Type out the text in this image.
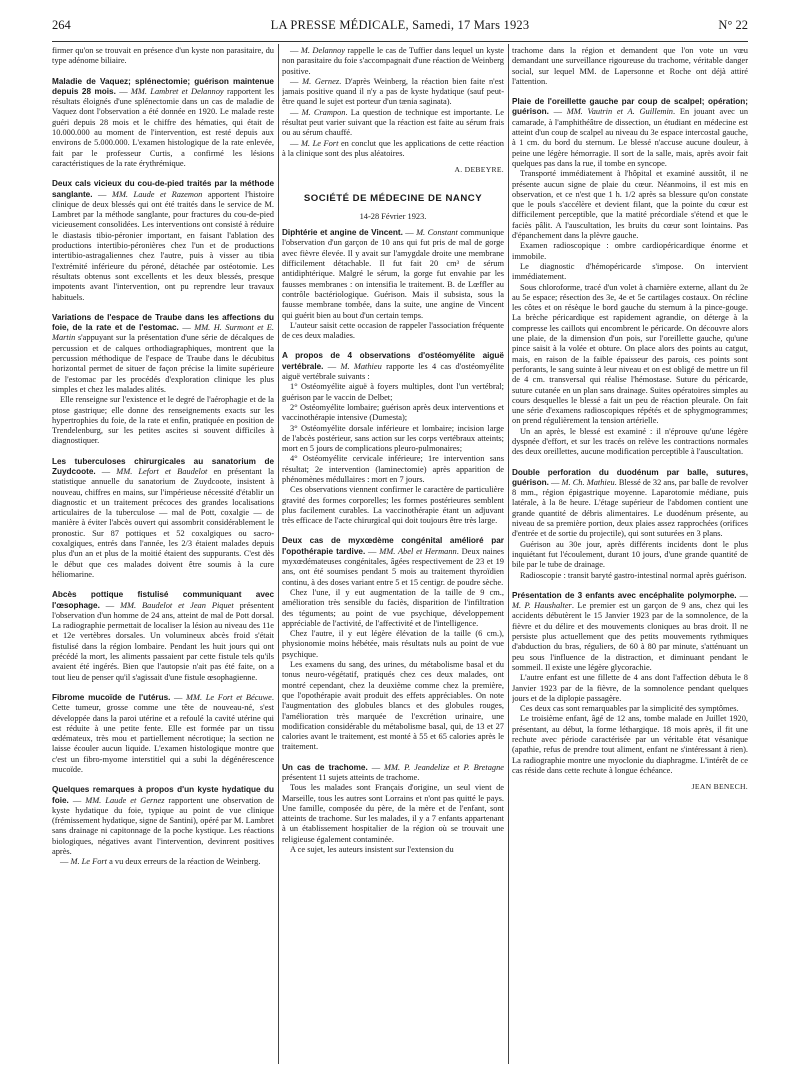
264	LA PRESSE MÉDICALE, Samedi, 17 Mars 1923	N° 22

firmer qu'on se trouvait en présence d'un kyste non parasitaire, du type adénome biliaire.

Maladie de Vaquez; splénectomie; guérison maintenue depuis 28 mois. — MM. Lambret et Delannoy rapportent les résultats éloignés d'une splénectomie dans un cas de maladie de Vaquez dont l'observation a été donnée en 1920. Le malade reste guéri depuis 28 mois et le chiffre des hématies, qui était de 10.000.000 au moment de l'intervention, est resté depuis aux environs de 5.000.000. L'examen histologique de la rate enlevée, fait par le professeur Curtis, a confirmé les lésions caractéristiques de la rate érythrémique.

Deux cals vicieux du cou-de-pied traités par la méthode sanglante. — MM. Laude et Razemon apportent l'histoire clinique de deux blessés qui ont été traités dans le service de M. Lambret par la méthode sanglante, pour fractures du cou-de-pied vicieusement consolidées. Les interventions ont consisté à réduire le diastasis tibio-péronier important, en faisant l'ablation des productions intertibio-péronières chez l'un et de productions intertibio-astragaliennes chez l'autre, puis à visser au tibia l'extrémité inférieure du péroné, détachée par ostéotomie. Les résultats obtenus sont excellents et les deux blessés, presque impotents avant l'intervention, ont pu reprendre leur travaux habituels.

Variations de l'espace de Traube dans les affections du foie, de la rate et de l'estomac. — MM. H. Surmont et E. Martin s'appuyant sur la présentation d'une série de décalques de percussion et de calques orthodiagraphiques, montrent que la percussion méthodique de l'espace de Traube dans le décubitus horizontal permet de situer de façon précise la limite supérieure de l'estomac par les procédés d'exploration clinique les plus simples et chez les malades alités.

Elle renseigne sur l'existence et le degré de l'aérophagie et de la ptose gastrique; elle donne des renseignements exacts sur les hypertrophies du foie, de la rate et enfin, pratiquée en position de Trendelenburg, sur les petites ascites si souvent difficiles à diagnostiquer.

Les tuberculoses chirurgicales au sanatorium de Zuydcoote. — MM. Lefort et Baudelot en présentant la statistique annuelle du sanatorium de Zuydcoote, insistent à nouveau, chiffres en mains, sur l'impérieuse nécessité d'établir un diagnostic et un traitement précoces des grandes localisations articulaires de la tuberculose — mal de Pott, coxalgie — de manière à éviter l'abcès ouvert qui assombrit considérablement le pronostic. Sur 87 pottiques et 52 coxalgiques ou sacro-coxalgiques, entrés dans l'année, les 2/3 étaient malades depuis plus d'un an et plus de la moitié étaient des suppurants. C'est dès le début que ces malades doivent être soumis à la cure héliomarine.

Abcès pottique fistulisé communiquant avec l'œsophage. — MM. Baudelot et Jean Piquet présentent l'observation d'un homme de 24 ans, atteint de mal de Pott dorsal. La radiographie permettait de localiser la lésion au niveau des 11e et 12e vertèbres dorsales. Un volumineux abcès froid s'était fistulisé dans la région lombaire. Pendant les huit jours qui ont précédé la mort, les aliments passaient par cette fistule tels qu'ils avaient été ingérés. Bien que l'autopsie n'ait pas été faite, on a tout lieu de penser qu'il s'agissait d'une fistule œsophagienne.

Fibrome mucoïde de l'utérus. — MM. Le Fort et Bécuwe. Cette tumeur, grosse comme une tête de nouveau-né, s'est développée dans la paroi utérine et a refoulé la cavité utérine qui est réduite à une petite fente. Elle est formée par un tissu œdémateux, très mou et partiellement nécrotique; la section ne laisse écouler aucun liquide. L'examen histologique montre que c'est un fibro-myome interstitiel qui a subi la dégénérescence mucoïde.

Quelques remarques à propos d'un kyste hydatique du foie. — MM. Laude et Gernez rapportent une observation de kyste hydatique du foie, typique au point de vue clinique (frémissement hydatique, signe de Santini), opéré par M. Lambret sans drainage ni capitonnage de la poche kystique. Les réactions biologiques, négatives avant l'intervention, devinrent positives après.

— M. Le Fort a vu deux erreurs de la réaction de Weinberg.

— M. Delannoy rappelle le cas de Tuffier dans lequel un kyste non parasitaire du foie s'accompagnait d'une réaction de Weinberg positive.

— M. Gernez. D'après Weinberg, la réaction bien faite n'est jamais positive quand il n'y a pas de kyste hydatique (sauf peut-être quand le sujet est porteur d'un tænia saginata).

— M. Crampon. La question de technique est importante. Le résultat peut varier suivant que la réaction est faite au sérum frais ou au sérum chauffé.

— M. Le Fort en conclut que les applications de cette réaction à la clinique sont des plus aléatoires.

A. DEBEYRE.

SOCIÉTÉ DE MÉDECINE DE NANCY

14-28 Février 1923.

Diphtérie et angine de Vincent. — M. Constant communique l'observation d'un garçon de 10 ans qui fut pris de mal de gorge avec fièvre élevée. Il y avait sur l'amygdale droite une membrane difficilement détachable. Il fut fait 20 cm³ de sérum antidiphtérique. Malgré le sérum, la gorge fut envahie par les fausses membranes : on intensifia le traitement. B. de Lœffler au contrôle bactériologique. Guérison. Mais il subsista, sous la fausse membrane tombée, dans la suite, une angine de Vincent qui guérit bien au bout d'un certain temps.

L'auteur saisit cette occasion de rappeler l'association fréquente de ces deux maladies.

A propos de 4 observations d'ostéomyélite aiguë vertébrale. — M. Mathieu rapporte les 4 cas d'ostéomyélite aiguë vertébrale suivants :

1° Ostéomyélite aiguë à foyers multiples, dont l'un vertébral; guérison par le vaccin de Delbet;

2° Ostéomyélite lombaire; guérison après deux interventions et vaccinothérapie intensive (Dumesta);

3° Ostéomyélite dorsale inférieure et lombaire; incision large de l'abcès postérieur, sans action sur les corps vertébraux atteints; mort en 5 jours de complications pleuro-pulmonaires;

4° Ostéomyélite cervicale inférieure; 1re intervention sans résultat; 2e intervention (laminectomie) après apparition de phénomènes médullaires : mort en 7 jours.

Ces observations viennent confirmer le caractère de particulière gravité des formes corporelles; les formes postérieures semblent plus facilement curables. La vaccinothérapie étant un adjuvant très efficace de l'acte chirurgical qui doit toujours être très large.

Deux cas de myxœdème congénital amélioré par l'opothérapie tardive. — MM. Abel et Hermann. Deux naines myxœdémateuses congénitales, âgées respectivement de 23 et 19 ans, ont été soumises pendant 5 mois au traitement thyroïdien continu, à des doses variant entre 5 et 15 centigr. de poudre sèche.

Chez l'une, il y eut augmentation de la taille de 9 cm., amélioration très sensible du faciès, disparition de l'infiltration des téguments; au point de vue psychique, développement appréciable de l'activité, de l'affectivité et de l'intelligence.

Chez l'autre, il y eut légère élévation de la taille (6 cm.), physionomie moins hébétée, mais résultats nuls au point de vue psychique.

Les examens du sang, des urines, du métabolisme basal et du tonus neuro-végétatif, pratiqués chez ces deux malades, ont montré cependant, chez la deuxième comme chez la première, que l'opothérapie avait produit des effets appréciables. On note l'augmentation des globules blancs et des globules rouges, l'amélioration très marquée de l'excrétion urinaire, une modification considérable du métabolisme basal, qui, de 13 et 27 calories avant le traitement, est monté à 55 et 65 calories après le traitement.

Un cas de trachome. — MM. P. Jeandelize et P. Bretagne présentent 11 sujets atteints de trachome.

Tous les malades sont Français d'origine, un seul vient de Marseille, tous les autres sont Lorrains et n'ont pas quitté le pays. Une famille, composée du père, de la mère et de l'enfant, sont atteints de trachome. Sur les malades, il y a 7 enfants appartenant à un établissement hospitalier de la région où se trouvait une religieuse également contaminée.

A ce sujet, les auteurs insistent sur l'extension du

trachome dans la région et demandent que l'on vote un vœu demandant une surveillance rigoureuse du trachome, véritable danger social, sur lequel MM. de Lapersonne et Roche ont déjà attiré l'attention.

Plaie de l'oreillette gauche par coup de scalpel; opération; guérison. — MM. Vautrin et A. Guillemin. En jouant avec un camarade, à l'amphithéâtre de dissection, un étudiant en médecine est atteint d'un coup de scalpel au niveau du 3e espace intercostal gauche, à 1 cm. du bord du sternum. Le blessé n'accuse aucune douleur, à peine une légère hémorragie. Il sort de la salle, mais, après avoir fait quelques pas dans la rue, il tombe en syncope.

Transporté immédiatement à l'hôpital et examiné aussitôt, il ne présente aucun signe de plaie du cœur. Néanmoins, il est mis en observation, et ce n'est que 1 h. 1/2 après sa blessure qu'on constate que le pouls s'accélère et devient filant, que la pointe du cœur est difficilement perceptible, que la matité précordiale s'étend et que le faciès pâlit. A l'auscultation, les bruits du cœur sont lointains. Pas d'épanchement dans la plèvre gauche.

Examen radioscopique : ombre cardiopéricardique énorme et immobile.

Le diagnostic d'hémopéricarde s'impose. On intervient immédiatement.

Sous chloroforme, tracé d'un volet à charnière externe, allant du 2e au 5e espace; résection des 3e, 4e et 5e cartilages costaux. On récline les côtes et on résèque le bord gauche du sternum à la pince-gouge. La brèche péricardique est rapidement agrandie, on déterge à la compresse les caillots qui encombrent le péricarde. On découvre alors une plaie, de la dimension d'un pois, sur l'oreillette gauche, qu'une pince saisit à la volée et obture. On place alors des points au catgut, mais, en raison de la faible épaisseur des parois, ces points sont perforants, le sang suinte à leur niveau et on est obligé de mettre un fil de 4 cm. transversal qui réalise l'hémostase. Suture du péricarde, suture cutanée en un plan sans drainage. Suites opératoires simples au cours desquelles le blessé a fait un peu de réaction pleurale. On fait une série d'examens radioscopiques répétés et de sphygmogrammes; on prend régulièrement la tension artérielle.

Un an après, le blessé est examiné : il n'éprouve qu'une légère dyspnée d'effort, et sur les tracés on relève les contractions normales des deux oreillettes, aucune modification perceptible à l'auscultation.

Double perforation du duodénum par balle, sutures, guérison. — M. Ch. Mathieu. Blessé de 32 ans, par balle de revolver 8 mm., région épigastrique moyenne. Laparotomie médiane, puis latérale, à la 8e heure. L'étage supérieur de l'abdomen contient une grande quantité de débris alimentaires. Le duodénum présente, au niveau de sa première portion, deux plaies assez rapprochées (orifices d'entrée et de sortie du projectile), qui sont suturées en 3 plans.

Guérison au 30e jour, après différents incidents dont le plus inquiétant fut l'écoulement, durant 10 jours, d'une grande quantité de bile par le tube de drainage.

Radioscopie : transit baryté gastro-intestinal normal après guérison.

Présentation de 3 enfants avec encéphalite polymorphe. — M. P. Haushalter. Le premier est un garçon de 9 ans, chez qui les accidents débutèrent le 15 Janvier 1923 par de la somnolence, de la fièvre et du délire et des mouvements cloniques au bras droit. Il ne persiste plus actuellement que des petits mouvements rythmiques d'abduction du bras, réguliers, de 60 à 80 par minute, s'atténuant un peu sous l'influence de la distraction, et diminuant pendant le sommeil. Il existe une légère glycorachie.

L'autre enfant est une fillette de 4 ans dont l'affection débuta le 8 Janvier 1923 par de la fièvre, de la somnolence pendant quelques jours et de la diplopie passagère.

Ces deux cas sont remarquables par la simplicité des symptômes.

Le troisième enfant, âgé de 12 ans, tombe malade en Juillet 1920, présentant, au début, la forme léthargique. 18 mois après, il fit une rechute avec période caractérisée par un véritable état vésanique (apathie, refus de prendre tout aliment, enfant ne s'intéressant à rien). La radiographie montre une myoclonie du diaphragme. L'intérêt de ce cas réside dans cette rechute à longue échéance.

JEAN BENECH.
